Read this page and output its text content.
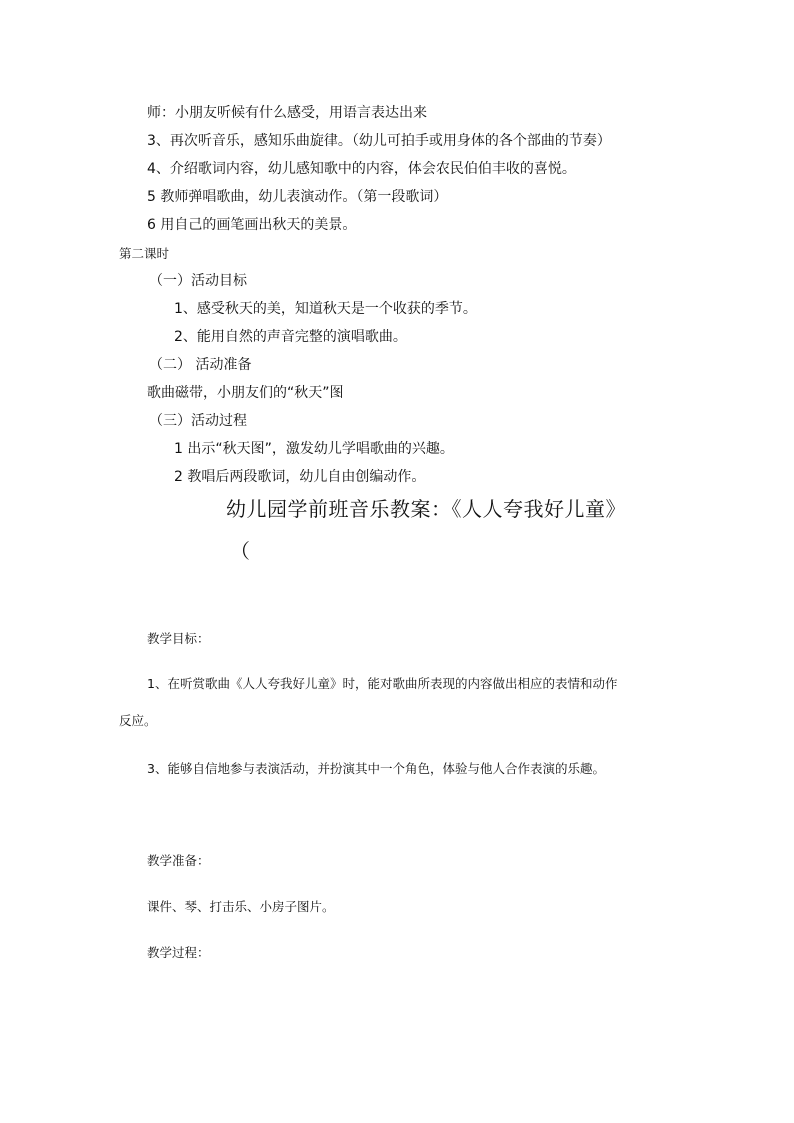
师：小朋友听候有什么感受，用语言表达出来
3、再次听音乐，感知乐曲旋律。（幼儿可拍手或用身体的各个部曲的节奏）
4、介绍歌词内容，幼儿感知歌中的内容，体会农民伯伯丰收的喜悦。
5 教师弹唱歌曲，幼儿表演动作。（第一段歌词）
6 用自己的画笔画出秋天的美景。
第二课时
（一）活动目标
1、感受秋天的美，知道秋天是一个收获的季节。
2、能用自然的声音完整的演唱歌曲。
（二） 活动准备
歌曲磁带，小朋友们的“秋天”图
（三）活动过程
1 出示“秋天图”，激发幼儿学唱歌曲的兴趣。
2 教唱后两段歌词，幼儿自由创编动作。
幼儿园学前班音乐教案：《人人夸我好儿童》
（
教学目标：
1、在听赏歌曲《人人夸我好儿童》时，能对歌曲所表现的内容做出相应的表情和动作
反应。
3、能够自信地参与表演活动，并扮演其中一个角色，体验与他人合作表演的乐趣。
教学准备：
课件、琴、打击乐、小房子图片。
教学过程：
